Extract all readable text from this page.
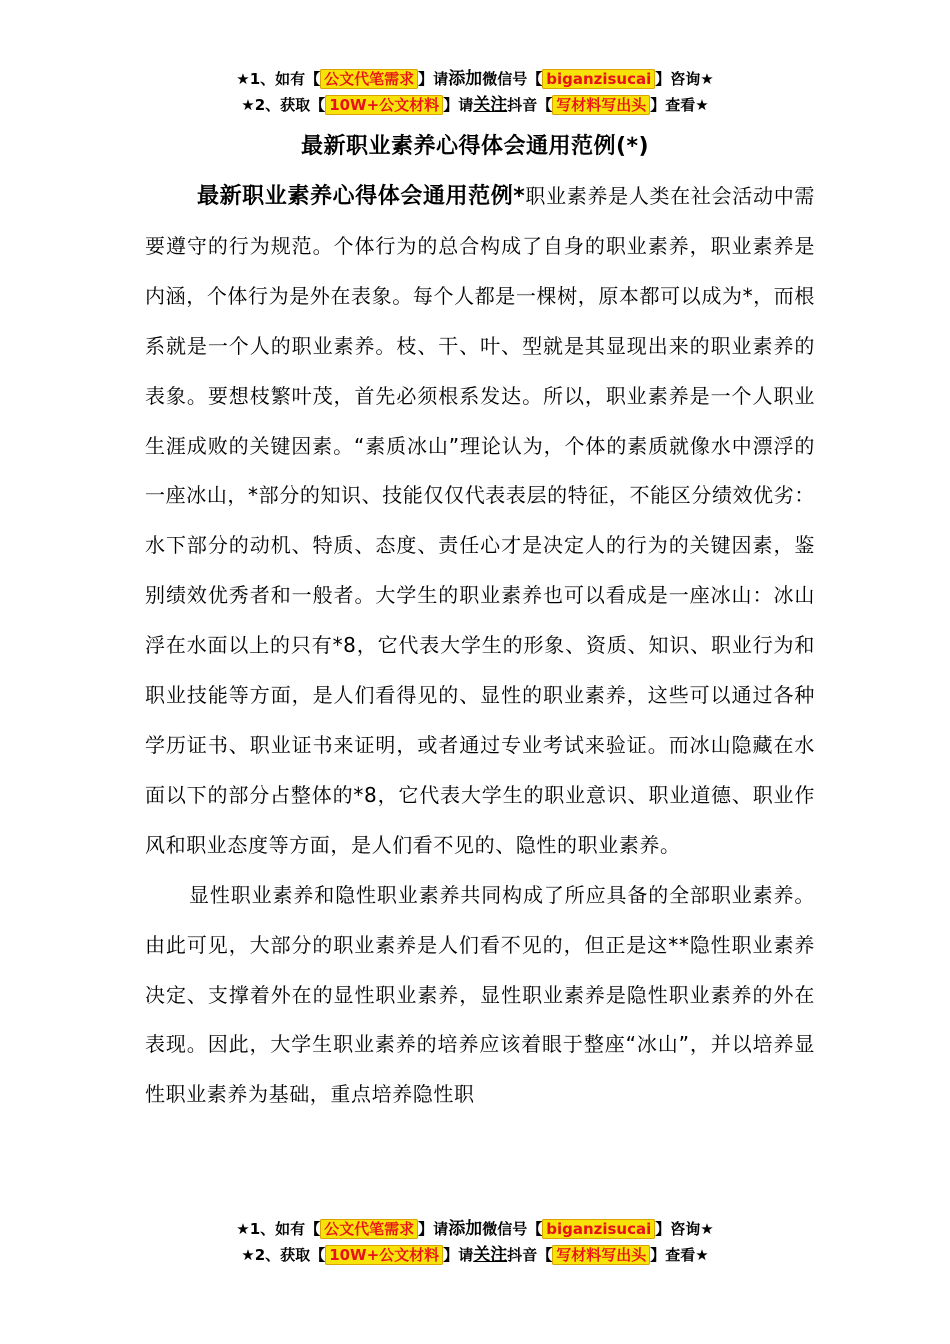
★1、如有【 公文代笔需求 】请添加微信号【 biganzisucai 】咨询★
★2、获取【 10W+公文材料 】请关注抖音【 写材料写出头 】查看★
最新职业素养心得体会通用范例(*)

最新职业素养心得体会通用范例*职业素养是人类在社会活动中需要遵守的行为规范。个体行为的总合构成了自身的职业素养，职业素养是内涵，个体行为是外在表象。每个人都是一棵树，原本都可以成为*，而根系就是一个人的职业素养。枝、干、叶、型就是其显现出来的职业素养的表象。要想枝繁叶茂，首先必须根系发达。所以，职业素养是一个人职业生涯成败的关键因素。“素质冰山”理论认为，个体的素质就像水中漂浮的一座冰山，*部分的知识、技能仅仅代表表层的特征，不能区分绩效优劣：水下部分的动机、特质、态度、责任心才是决定人的行为的关键因素，鉴别绩效优秀者和一般者。大学生的职业素养也可以看成是一座冰山：冰山浮在水面以上的只有*8，它代表大学生的形象、资质、知识、职业行为和职业技能等方面，是人们看得见的、显性的职业素养，这些可以通过各种学历证书、职业证书来证明，或者通过专业考试来验证。而冰山隐藏在水面以下的部分占整体的*8，它代表大学生的职业意识、职业道德、职业作风和职业态度等方面，是人们看不见的、隐性的职业素养。

显性职业素养和隐性职业素养共同构成了所应具备的全部职业素养。由此可见，大部分的职业素养是人们看不见的，但正是这**隐性职业素养决定、支撑着外在的显性职业素养，显性职业素养是隐性职业素养的外在表现。因此，大学生职业素养的培养应该着眼于整座“冰山”，并以培养显性职业素养为基础，重点培养隐性职

★1、如有【 公文代笔需求 】请添加微信号【 biganzisucai 】咨询★
★2、获取【 10W+公文材料 】请关注抖音【 写材料写出头 】查看★
